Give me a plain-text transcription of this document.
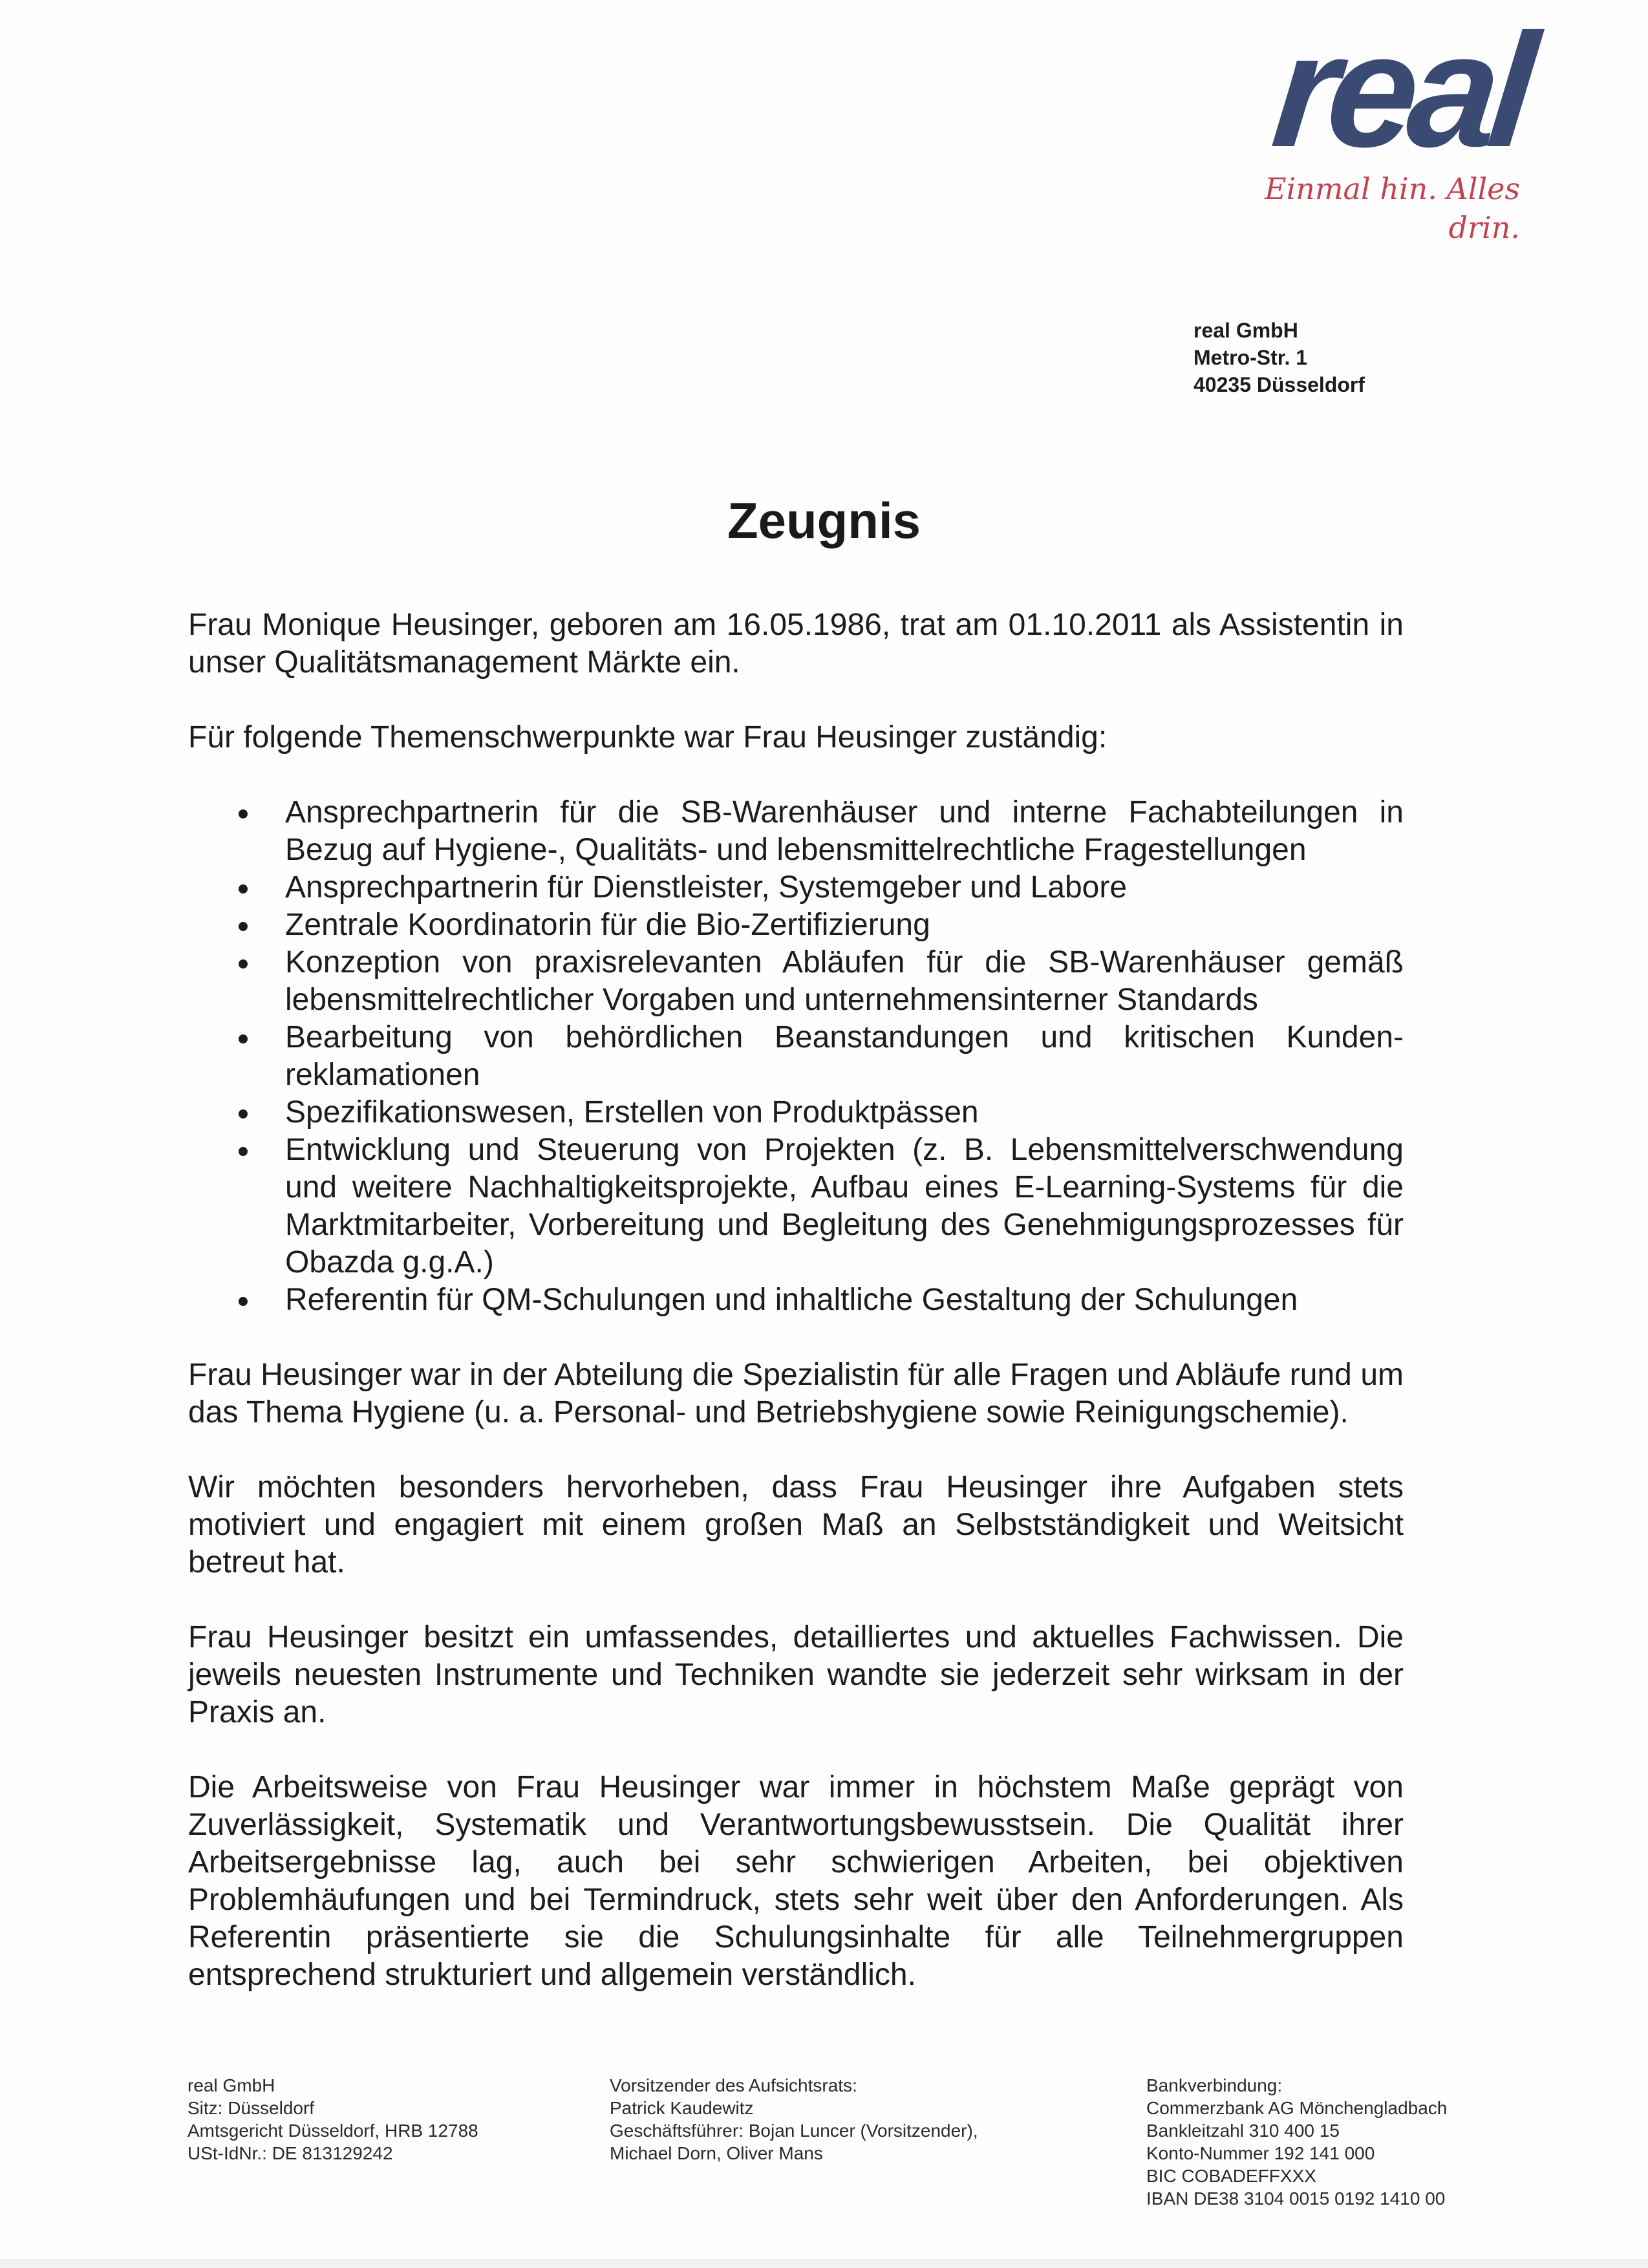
real
Einmal hin. Alles drin.
real GmbH
Metro-Str. 1
40235 Düsseldorf
Zeugnis

Frau Monique Heusinger, geboren am 16.05.1986, trat am 01.10.2011 als Assistentin in unser Qualitätsmanagement Märkte ein.

Für folgende Themenschwerpunkte war Frau Heusinger zuständig:

Ansprechpartnerin für die SB-Warenhäuser und interne Fachabteilungen in Bezug auf Hygiene-, Qualitäts- und lebensmittelrechtliche Fragestellungen
Ansprechpartnerin für Dienstleister, Systemgeber und Labore
Zentrale Koordinatorin für die Bio-Zertifizierung
Konzeption von praxisrelevanten Abläufen für die SB-Warenhäuser gemäß lebensmittelrechtlicher Vorgaben und unternehmensinterner Standards
Bearbeitung von behördlichen Beanstandungen und kritischen Kunden-reklamationen
Spezifikationswesen, Erstellen von Produktpässen
Entwicklung und Steuerung von Projekten (z. B. Lebensmittelverschwendung und weitere Nachhaltigkeitsprojekte, Aufbau eines E-Learning-Systems für die Marktmitarbeiter, Vorbereitung und Begleitung des Genehmigungsprozesses für Obazda g.g.A.)
Referentin für QM-Schulungen und inhaltliche Gestaltung der Schulungen

Frau Heusinger war in der Abteilung die Spezialistin für alle Fragen und Abläufe rund um das Thema Hygiene (u. a. Personal- und Betriebshygiene sowie Reinigungschemie).

Wir möchten besonders hervorheben, dass Frau Heusinger ihre Aufgaben stets motiviert und engagiert mit einem großen Maß an Selbstständigkeit und Weitsicht betreut hat.

Frau Heusinger besitzt ein umfassendes, detailliertes und aktuelles Fachwissen. Die jeweils neuesten Instrumente und Techniken wandte sie jederzeit sehr wirksam in der Praxis an.

Die Arbeitsweise von Frau Heusinger war immer in höchstem Maße geprägt von Zuverlässigkeit, Systematik und Verantwortungsbewusstsein. Die Qualität ihrer Arbeitsergebnisse lag, auch bei sehr schwierigen Arbeiten, bei objektiven Problemhäufungen und bei Termindruck, stets sehr weit über den Anforderungen. Als Referentin präsentierte sie die Schulungsinhalte für alle Teilnehmergruppen entsprechend strukturiert und allgemein verständlich.

real GmbH
Sitz: Düsseldorf
Amtsgericht Düsseldorf, HRB 12788
USt-IdNr.: DE 813129242
Vorsitzender des Aufsichtsrats:
Patrick Kaudewitz
Geschäftsführer: Bojan Luncer (Vorsitzender),
Michael Dorn, Oliver Mans
Bankverbindung:
Commerzbank AG Mönchengladbach
Bankleitzahl 310 400 15
Konto-Nummer 192 141 000
BIC COBADEFFXXX
IBAN DE38 3104 0015 0192 1410 00
